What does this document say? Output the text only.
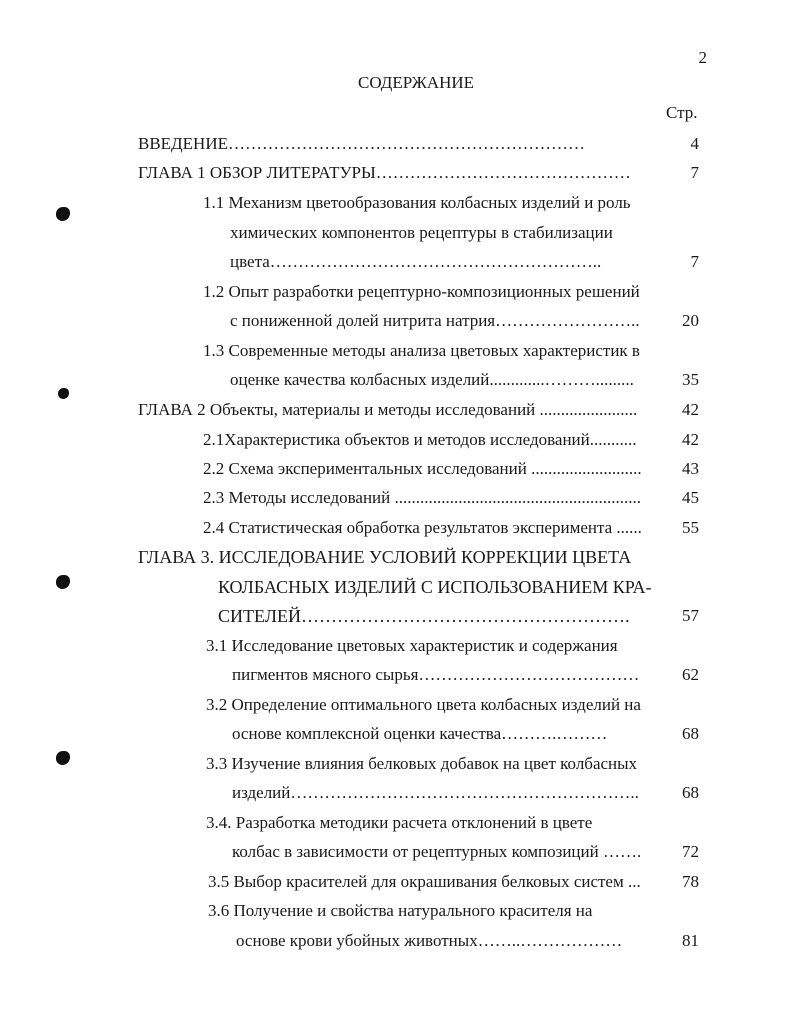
2
СОДЕРЖАНИЕ
Стр.
ВВЕДЕНИЕ………………………………………………………	4
ГЛАВА 1 ОБЗОР ЛИТЕРАТУРЫ………………………………………	7
1.1 Механизм цветообразования колбасных изделий и роль
химических компонентов рецептуры в стабилизации
цвета…………………………………………………..	7
1.2 Опыт разработки рецептурно-композиционных решений
с пониженной долей нитрита натрия……………………..	20
1.3 Современные методы анализа цветовых характеристик в
оценке качества колбасных изделий.............……….........	35
ГЛАВА 2 Объекты, материалы и методы исследований .......................	42
2.1Характеристика объектов и методов исследований...........	42
2.2 Схема экспериментальных исследований ..........................	43
2.3 Методы исследований ..........................................................	45
2.4 Статистическая обработка результатов эксперимента ......	55
ГЛАВА 3. ИССЛЕДОВАНИЕ УСЛОВИЙ КОРРЕКЦИИ ЦВЕТА
КОЛБАСНЫХ ИЗДЕЛИЙ С ИСПОЛЬЗОВАНИЕМ КРА-
СИТЕЛЕЙ……………………………………………….	57
3.1 Исследование цветовых характеристик и содержания
пигментов мясного сырья…………………………………	62
3.2 Определение оптимального цвета колбасных изделий на
основе комплексной оценки качества……….………	68
3.3 Изучение влияния белковых добавок на цвет колбасных
изделий……………………………………………………..	68
3.4. Разработка методики расчета отклонений в цвете
колбас в зависимости от рецептурных композиций …….	72
3.5 Выбор красителей для окрашивания белковых систем ...	78
3.6 Получение и свойства натурального красителя на
основе крови убойных животных……..………………	81
